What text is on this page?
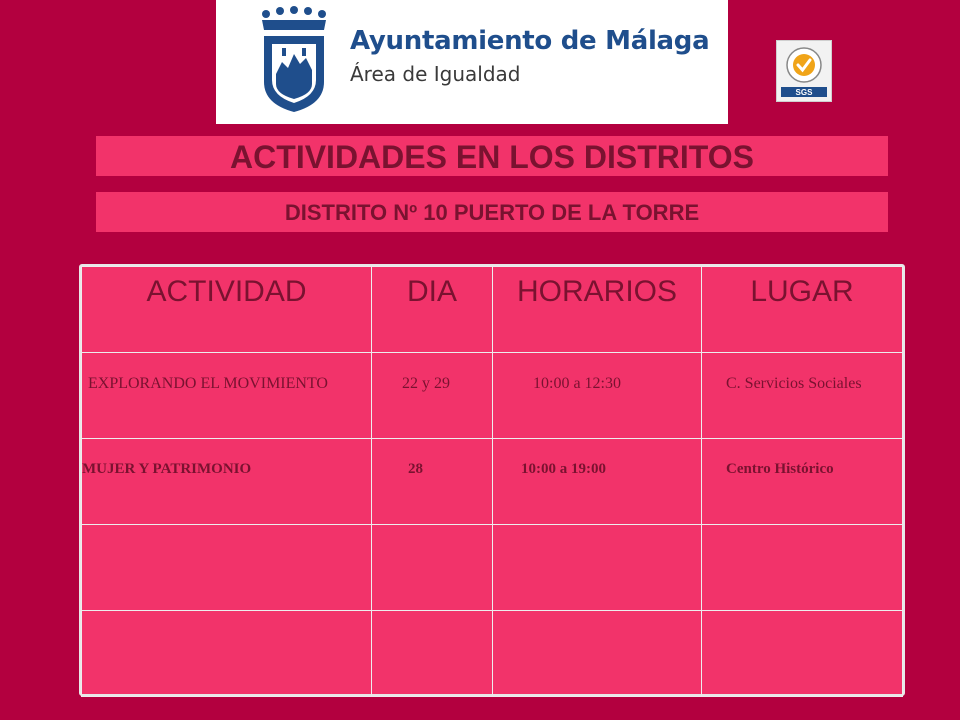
Ayuntamiento de Málaga
Área de Igualdad
SGS
ACTIVIDADES EN LOS DISTRITOS
DISTRITO Nº 10 PUERTO DE LA TORRE
ACTIVIDAD	DIA	HORARIOS	LUGAR
EXPLORANDO EL MOVIMIENTO	22 y 29	10:00 a 12:30	C. Servicios Sociales
MUJER Y PATRIMONIO	28	10:00 a 19:00	Centro Histórico
